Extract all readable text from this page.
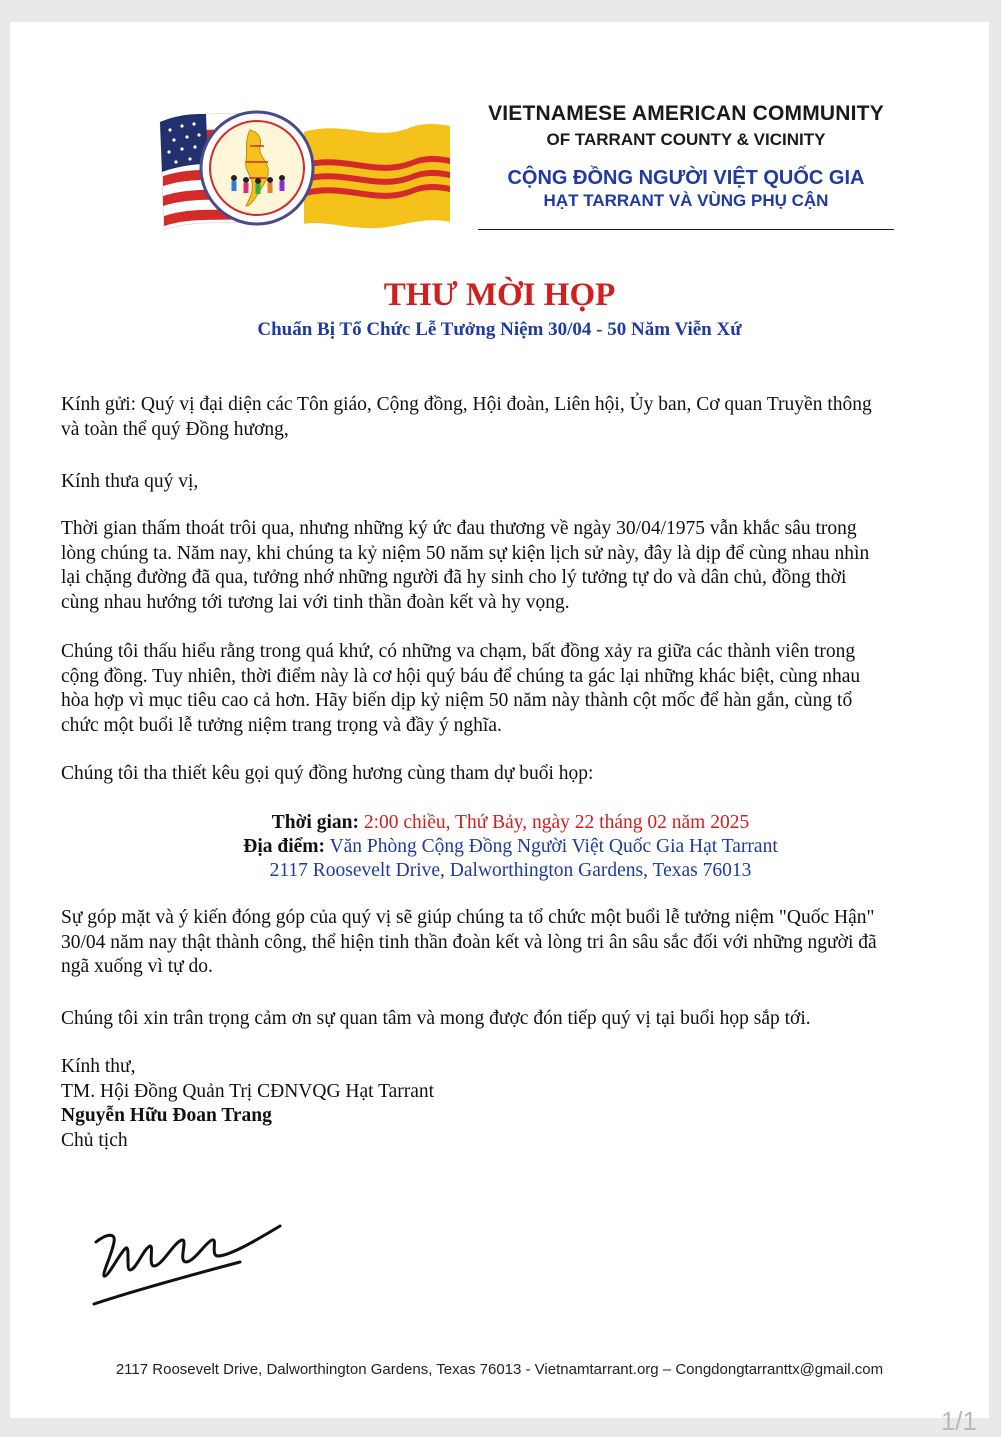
VIETNAMESE AMERICAN COMMUNITY
OF TARRANT COUNTY & VICINITY
CỘNG ĐỒNG NGƯỜI VIỆT QUỐC GIA
HẠT TARRANT VÀ VÙNG PHỤ CẬN
THƯ MỜI HỌP
Chuẩn Bị Tổ Chức Lễ Tưởng Niệm 30/04 - 50 Năm Viễn Xứ
Kính gửi: Quý vị đại diện các Tôn giáo, Cộng đồng, Hội đoàn, Liên hội, Ủy ban, Cơ quan Truyền thông
và toàn thể quý Đồng hương,
Kính thưa quý vị,
Thời gian thấm thoát trôi qua, nhưng những ký ức đau thương về ngày 30/04/1975 vẫn khắc sâu trong
lòng chúng ta. Năm nay, khi chúng ta kỷ niệm 50 năm sự kiện lịch sử này, đây là dịp để cùng nhau nhìn
lại chặng đường đã qua, tưởng nhớ những người đã hy sinh cho lý tưởng tự do và dân chủ, đồng thời
cùng nhau hướng tới tương lai với tinh thần đoàn kết và hy vọng.
Chúng tôi thấu hiểu rằng trong quá khứ, có những va chạm, bất đồng xảy ra giữa các thành viên trong
cộng đồng. Tuy nhiên, thời điểm này là cơ hội quý báu để chúng ta gác lại những khác biệt, cùng nhau
hòa hợp vì mục tiêu cao cả hơn. Hãy biến dịp kỷ niệm 50 năm này thành cột mốc để hàn gắn, cùng tổ
chức một buổi lễ tưởng niệm trang trọng và đầy ý nghĩa.
Chúng tôi tha thiết kêu gọi quý đồng hương cùng tham dự buổi họp:
Thời gian: 2:00 chiều, Thứ Bảy, ngày 22 tháng 02 năm 2025
Địa điểm: Văn Phòng Cộng Đồng Người Việt Quốc Gia Hạt Tarrant
2117 Roosevelt Drive, Dalworthington Gardens, Texas 76013
Sự góp mặt và ý kiến đóng góp của quý vị sẽ giúp chúng ta tổ chức một buổi lễ tưởng niệm "Quốc Hận"
30/04 năm nay thật thành công, thể hiện tinh thần đoàn kết và lòng tri ân sâu sắc đối với những người đã
ngã xuống vì tự do.
Chúng tôi xin trân trọng cảm ơn sự quan tâm và mong được đón tiếp quý vị tại buổi họp sắp tới.
Kính thư,
TM. Hội Đồng Quản Trị CĐNVQG Hạt Tarrant
Nguyễn Hữu Đoan Trang
Chủ tịch
2117 Roosevelt Drive, Dalworthington Gardens, Texas 76013 - Vietnamtarrant.org – Congdongtarranttx@gmail.com
1/1
